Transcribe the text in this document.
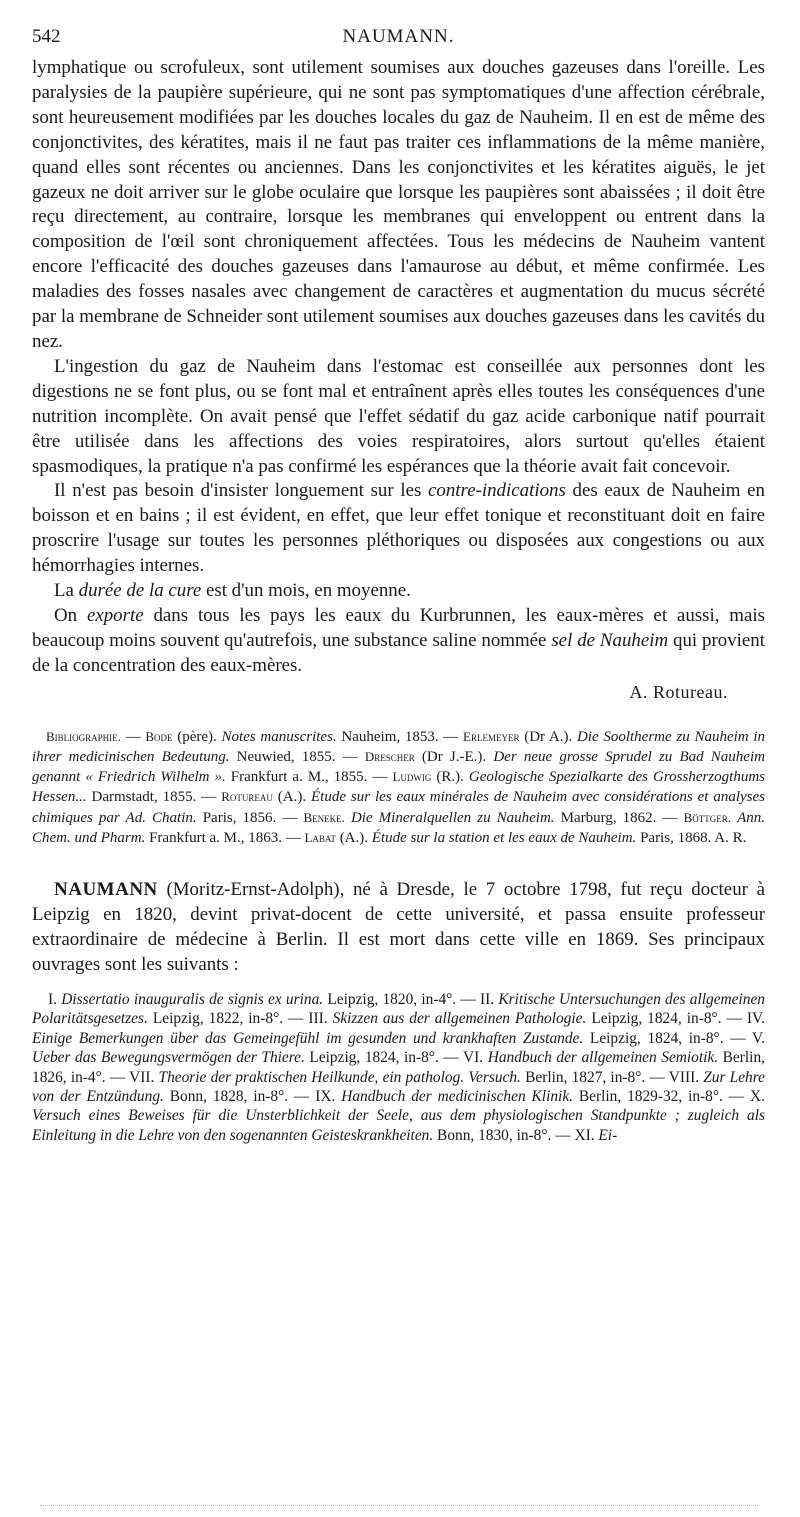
542	NAUMANN.

lymphatique ou scrofuleux, sont utilement soumises aux douches gazeuses dans l'oreille. Les paralysies de la paupière supérieure, qui ne sont pas symptomatiques d'une affection cérébrale, sont heureusement modifiées par les douches locales du gaz de Nauheim. Il en est de même des conjonctivites, des kératites, mais il ne faut pas traiter ces inflammations de la même manière, quand elles sont récentes ou anciennes. Dans les conjonctivites et les kératites aiguës, le jet gazeux ne doit arriver sur le globe oculaire que lorsque les paupières sont abaissées ; il doit être reçu directement, au contraire, lorsque les membranes qui enveloppent ou entrent dans la composition de l'œil sont chroniquement affectées. Tous les médecins de Nauheim vantent encore l'efficacité des douches gazeuses dans l'amaurose au début, et même confirmée. Les maladies des fosses nasales avec changement de caractères et augmentation du mucus sécrété par la membrane de Schneider sont utilement soumises aux douches gazeuses dans les cavités du nez.

L'ingestion du gaz de Nauheim dans l'estomac est conseillée aux personnes dont les digestions ne se font plus, ou se font mal et entraînent après elles toutes les conséquences d'une nutrition incomplète. On avait pensé que l'effet sédatif du gaz acide carbonique natif pourrait être utilisée dans les affections des voies respiratoires, alors surtout qu'elles étaient spasmodiques, la pratique n'a pas confirmé les espérances que la théorie avait fait concevoir.

Il n'est pas besoin d'insister longuement sur les contre-indications des eaux de Nauheim en boisson et en bains ; il est évident, en effet, que leur effet tonique et reconstituant doit en faire proscrire l'usage sur toutes les personnes pléthoriques ou disposées aux congestions ou aux hémorrhagies internes.

La durée de la cure est d'un mois, en moyenne.

On exporte dans tous les pays les eaux du Kurbrunnen, les eaux-mères et aussi, mais beaucoup moins souvent qu'autrefois, une substance saline nommée sel de Nauheim qui provient de la concentration des eaux-mères.

A. Rotureau.

Bibliographie. — Bode (père). Notes manuscrites. Nauheim, 1853. — Erlemeyer (Dr A.). Die Sooltherme zu Nauheim in ihrer medicinischen Bedeutung. Neuwied, 1855. — Drescher (Dr J.-E.). Der neue grosse Sprudel zu Bad Nauheim genannt « Friedrich Wilhelm ». Frankfurt a. M., 1855. — Ludwig (R.). Geologische Spezialkarte des Grossherzogthums Hessen... Darmstadt, 1855. — Rotureau (A.). Étude sur les eaux minérales de Nauheim avec considérations et analyses chimiques par Ad. Chatin. Paris, 1856. — Beneke. Die Mineralquellen zu Nauheim. Marburg, 1862. — Böttger. Ann. Chem. und Pharm. Frankfurt a. M., 1863. — Labat (A.). Étude sur la station et les eaux de Nauheim. Paris, 1868. A. R.

NAUMANN (Moritz-Ernst-Adolph), né à Dresde, le 7 octobre 1798, fut reçu docteur à Leipzig en 1820, devint privat-docent de cette université, et passa ensuite professeur extraordinaire de médecine à Berlin. Il est mort dans cette ville en 1869. Ses principaux ouvrages sont les suivants :

I. Dissertatio inauguralis de signis ex urina. Leipzig, 1820, in-4°. — II. Kritische Untersuchungen des allgemeinen Polaritätsgesetzes. Leipzig, 1822, in-8°. — III. Skizzen aus der allgemeinen Pathologie. Leipzig, 1824, in-8°. — IV. Einige Bemerkungen über das Gemeingefühl im gesunden und krankhaften Zustande. Leipzig, 1824, in-8°. — V. Ueber das Bewegungsvermögen der Thiere. Leipzig, 1824, in-8°. — VI. Handbuch der allgemeinen Semiotik. Berlin, 1826, in-4°. — VII. Theorie der praktischen Heilkunde, ein patholog. Versuch. Berlin, 1827, in-8°. — VIII. Zur Lehre von der Entzündung. Bonn, 1828, in-8°. — IX. Handbuch der medicinischen Klinik. Berlin, 1829-32, in-8°. — X. Versuch eines Beweises für die Unsterblichkeit der Seele, aus dem physiologischen Standpunkte ; zugleich als Einleitung in die Lehre von den sogenannten Geisteskrankheiten. Bonn, 1830, in-8°. — XI. Ei-
